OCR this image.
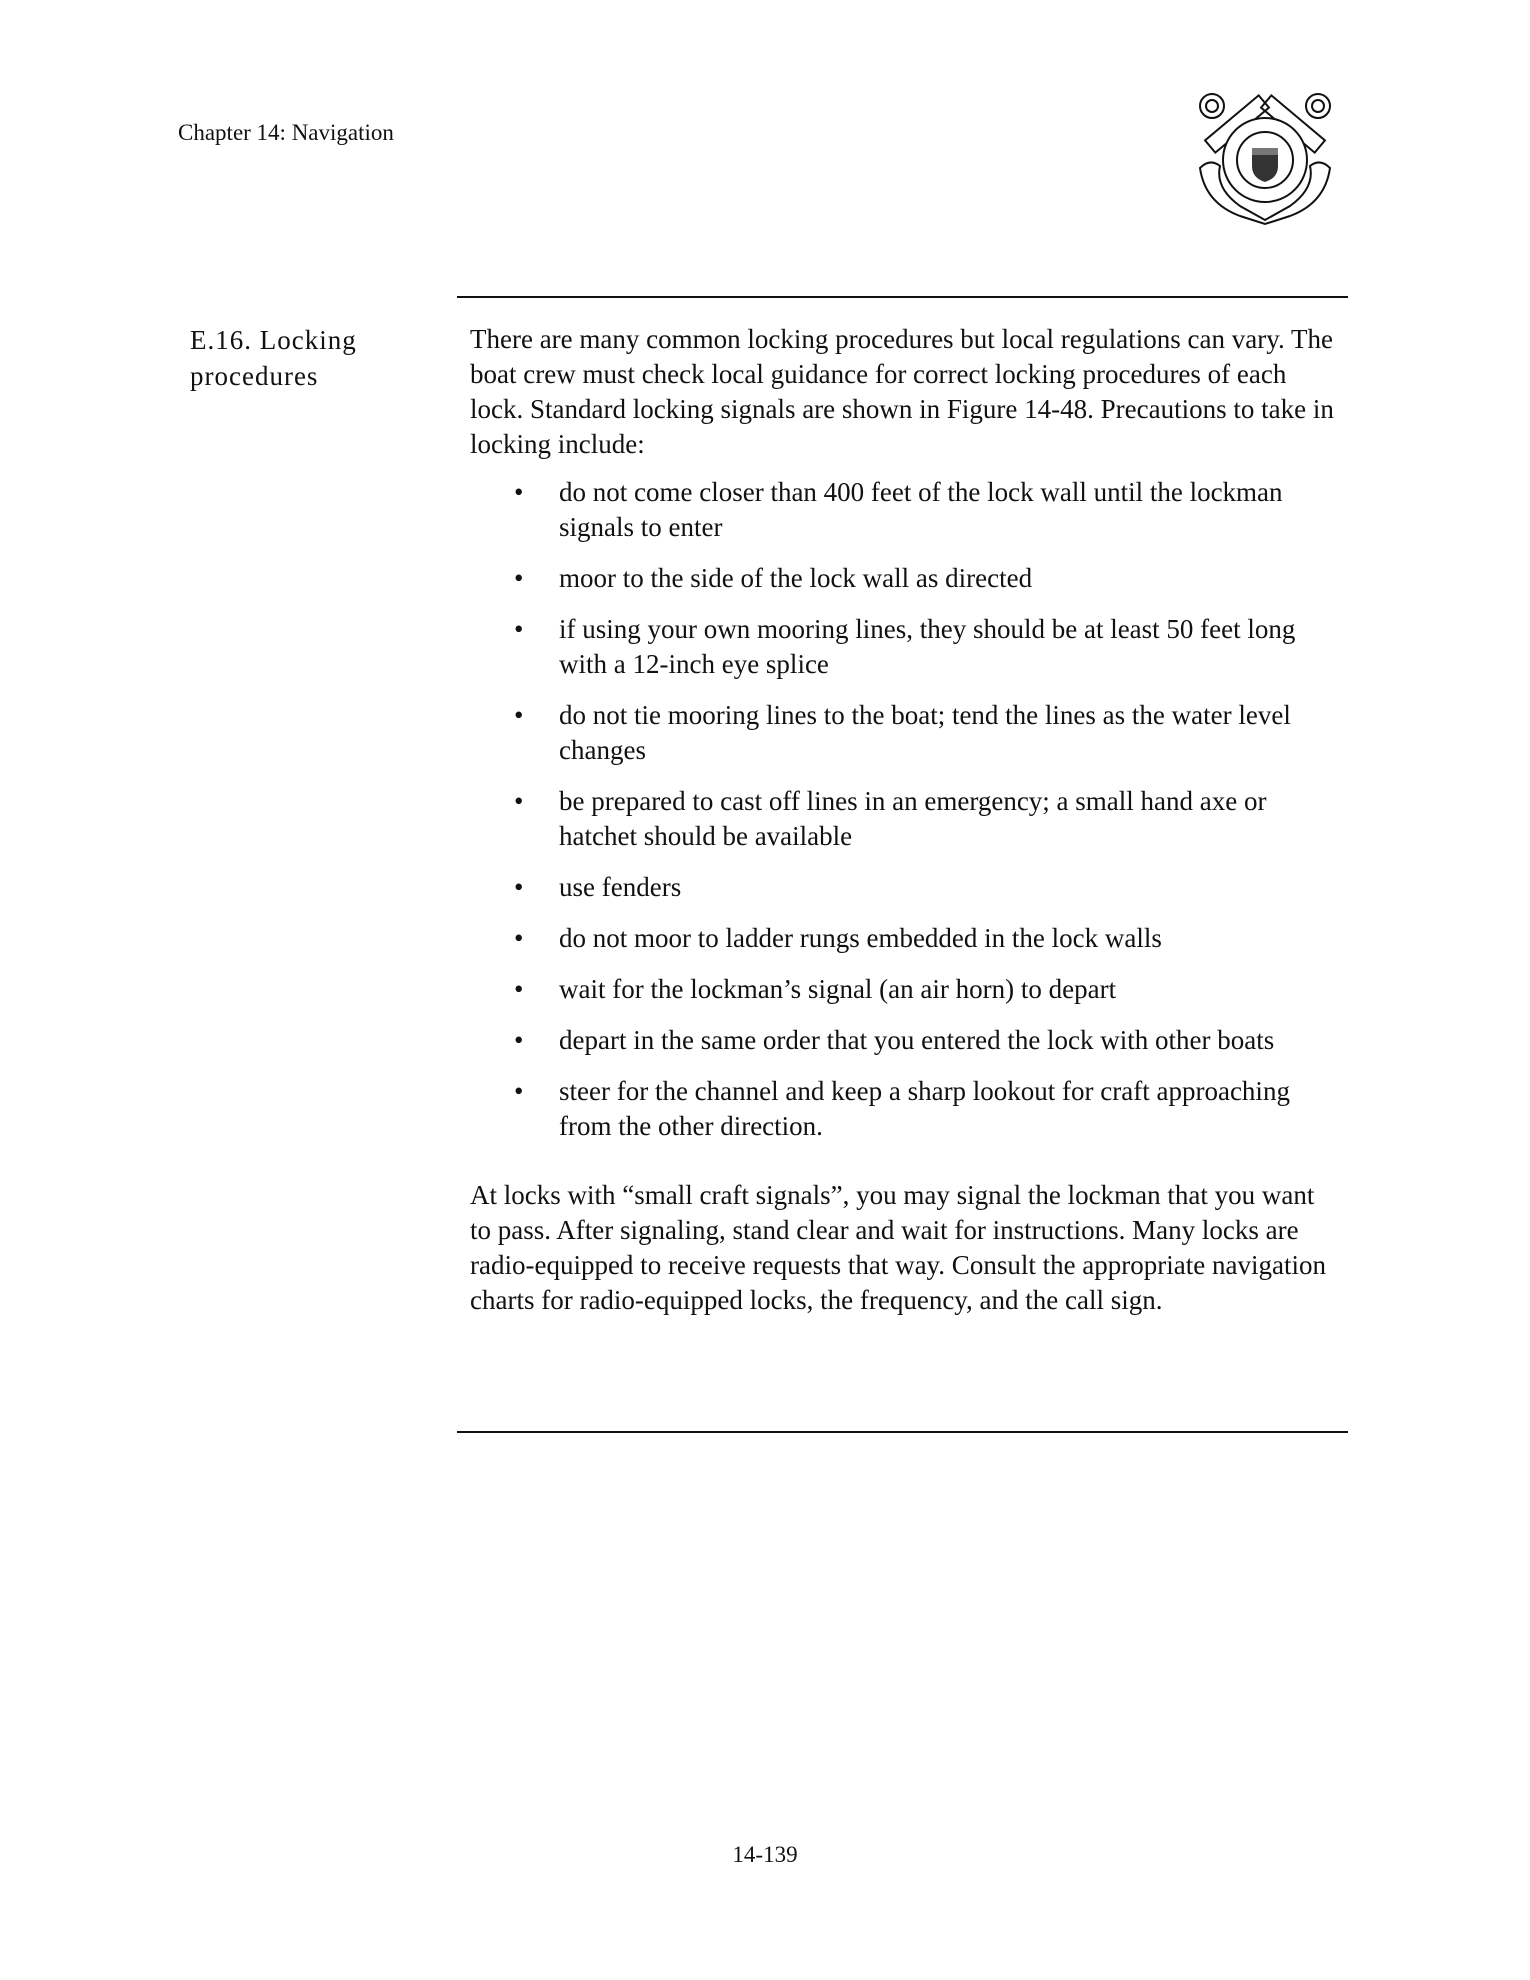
Chapter 14: Navigation
E.16. Locking
procedures

There are many common locking procedures but local regulations can vary. The boat crew must check local guidance for correct locking procedures of each lock. Standard locking signals are shown in Figure 14-48. Precautions to take in locking include:

• do not come closer than 400 feet of the lock wall until the lockman signals to enter
• moor to the side of the lock wall as directed
• if using your own mooring lines, they should be at least 50 feet long with a 12-inch eye splice
• do not tie mooring lines to the boat; tend the lines as the water level changes
• be prepared to cast off lines in an emergency; a small hand axe or hatchet should be available
• use fenders
• do not moor to ladder rungs embedded in the lock walls
• wait for the lockman’s signal (an air horn) to depart
• depart in the same order that you entered the lock with other boats
• steer for the channel and keep a sharp lookout for craft approaching from the other direction.

At locks with “small craft signals”, you may signal the lockman that you want to pass. After signaling, stand clear and wait for instructions. Many locks are radio-equipped to receive requests that way. Consult the appropriate navigation charts for radio-equipped locks, the frequency, and the call sign.

14-139
